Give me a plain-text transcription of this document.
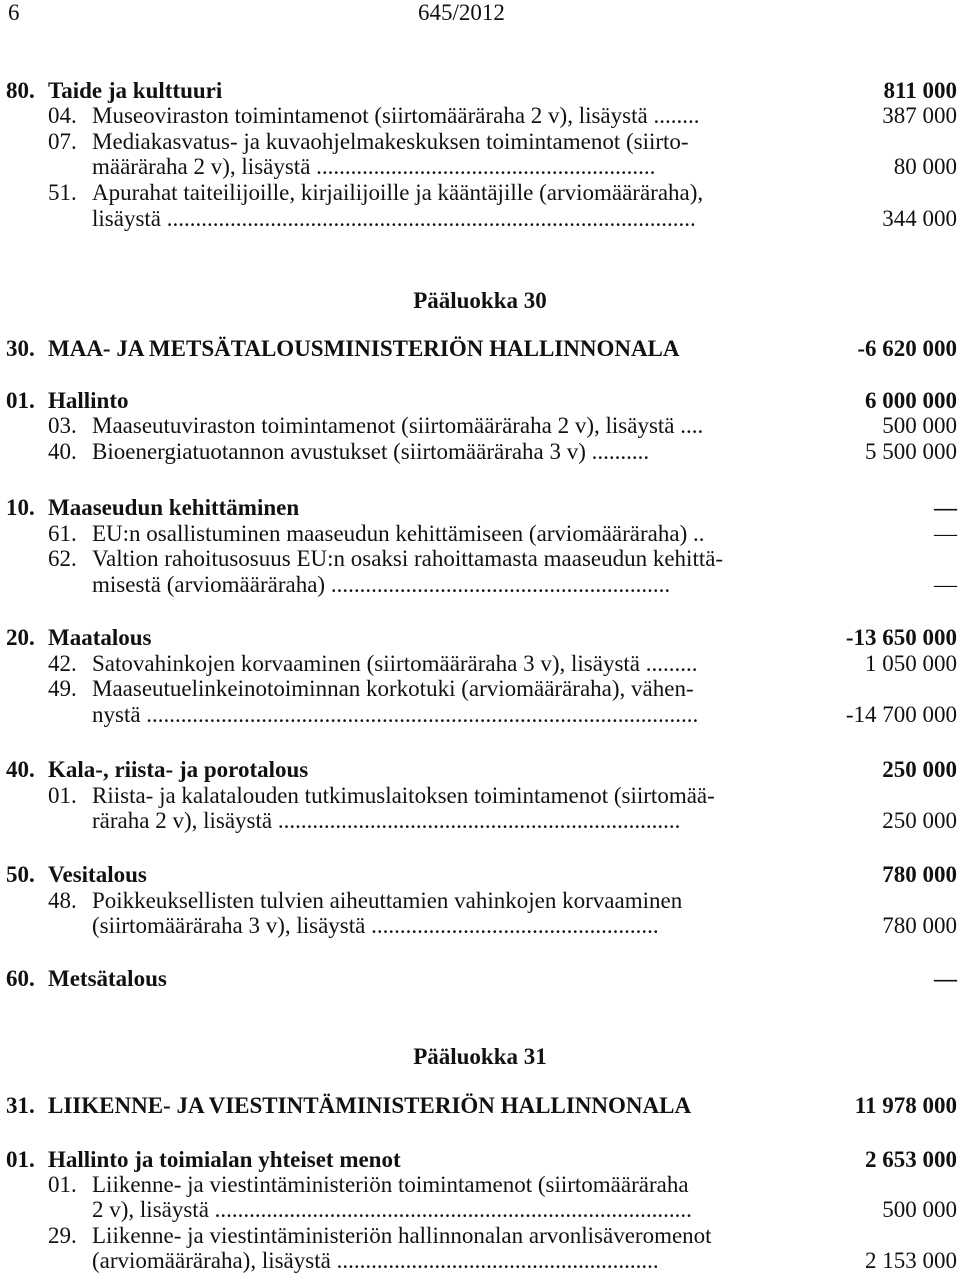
6	645/2012
80. Taide ja kulttuuri	811 000
04. Museoviraston toimintamenot (siirtomääräraha 2 v), lisäystä ........	387 000
07. Mediakasvatus- ja kuvaohjelmakeskuksen toimintamenot (siirto-
määräraha 2 v), lisäystä ...........................................................	80 000
51. Apurahat taiteilijoille, kirjailijoille ja kääntäjille (arviomääräraha),
lisäystä ............................................................................................	344 000
Pääluokka 30
30. MAA- JA METSÄTALOUSMINISTERIÖN HALLINNONALA	-6 620 000
01. Hallinto	6 000 000
03. Maaseutuviraston toimintamenot (siirtomääräraha 2 v), lisäystä ....	500 000
40. Bioenergiatuotannon avustukset (siirtomääräraha 3 v) ..........	5 500 000
10. Maaseudun kehittäminen	—
61. EU:n osallistuminen maaseudun kehittämiseen (arviomääräraha) ..	—
62. Valtion rahoitusosuus EU:n osaksi rahoittamasta maaseudun kehittä-
misestä (arviomääräraha) ...........................................................	—
20. Maatalous	-13 650 000
42. Satovahinkojen korvaaminen (siirtomääräraha 3 v), lisäystä .........	1 050 000
49. Maaseutuelinkeinotoiminnan korkotuki (arviomääräraha), vähen-
nystä ................................................................................................	-14 700 000
40. Kala-, riista- ja porotalous	250 000
01. Riista- ja kalatalouden tutkimuslaitoksen toimintamenot (siirtomää-
räraha 2 v), lisäystä ......................................................................	250 000
50. Vesitalous	780 000
48. Poikkeuksellisten tulvien aiheuttamien vahinkojen korvaaminen
(siirtomääräraha 3 v), lisäystä ..................................................	780 000
60. Metsätalous	—
Pääluokka 31
31. LIIKENNE- JA VIESTINTÄMINISTERIÖN HALLINNONALA	11 978 000
01. Hallinto ja toimialan yhteiset menot	2 653 000
01. Liikenne- ja viestintäministeriön toimintamenot (siirtomääräraha
2 v), lisäystä ...................................................................................	500 000
29. Liikenne- ja viestintäministeriön hallinnonalan arvonlisäveromenot
(arviomääräraha), lisäystä ........................................................	2 153 000
